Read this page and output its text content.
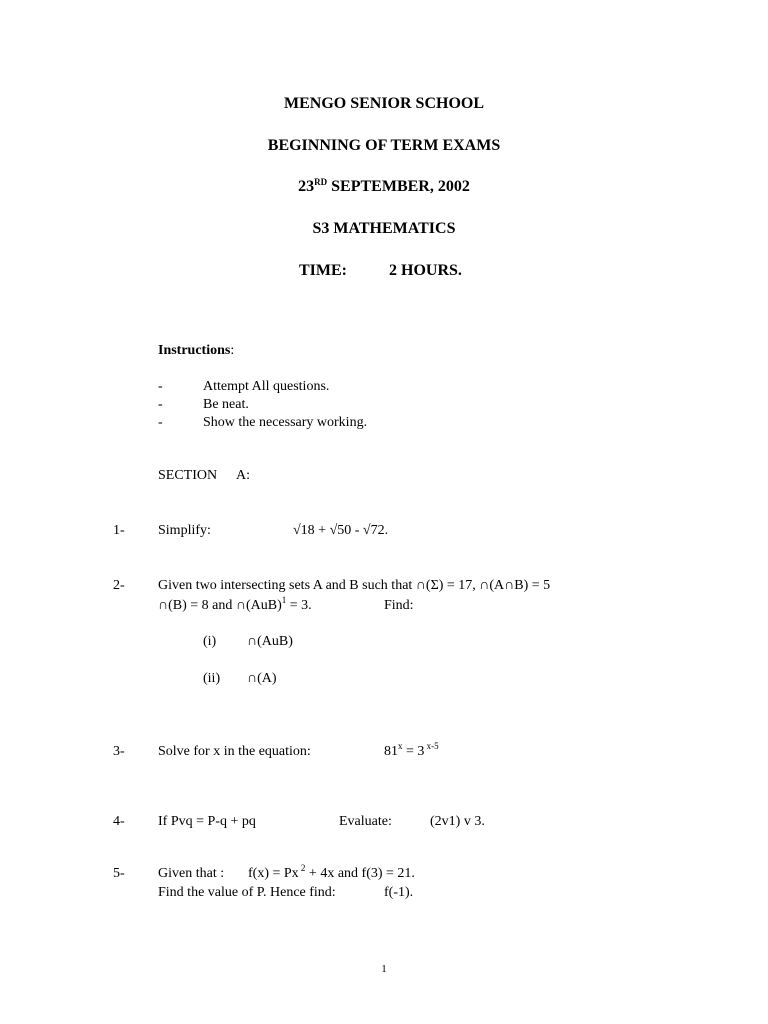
MENGO SENIOR SCHOOL
BEGINNING OF TERM EXAMS
23RD SEPTEMBER, 2002
S3 MATHEMATICS
TIME:	2 HOURS.
Instructions:
-	Attempt All questions.
-	Be neat.
-	Show the necessary working.
SECTION A:
1- Simplify:	√18 + √50 - √72.
2- Given two intersecting sets A and B such that ∩(Σ) = 17, ∩(A∩B) = 5
∩(B) = 8 and ∩(AuB)$^1$ = 3.	Find:
(i) ∩(AuB)
(ii) ∩(A)
3- Solve for x in the equation:	$81^x = 3$ $^{x-5}$
4- If Pvq = P-q + pq	Evaluate:	(2v1) v 3.
5- Given that : f(x) = Px $^2$ + 4x and f(3) = 21.
Find the value of P. Hence find:	f(-1).
1
